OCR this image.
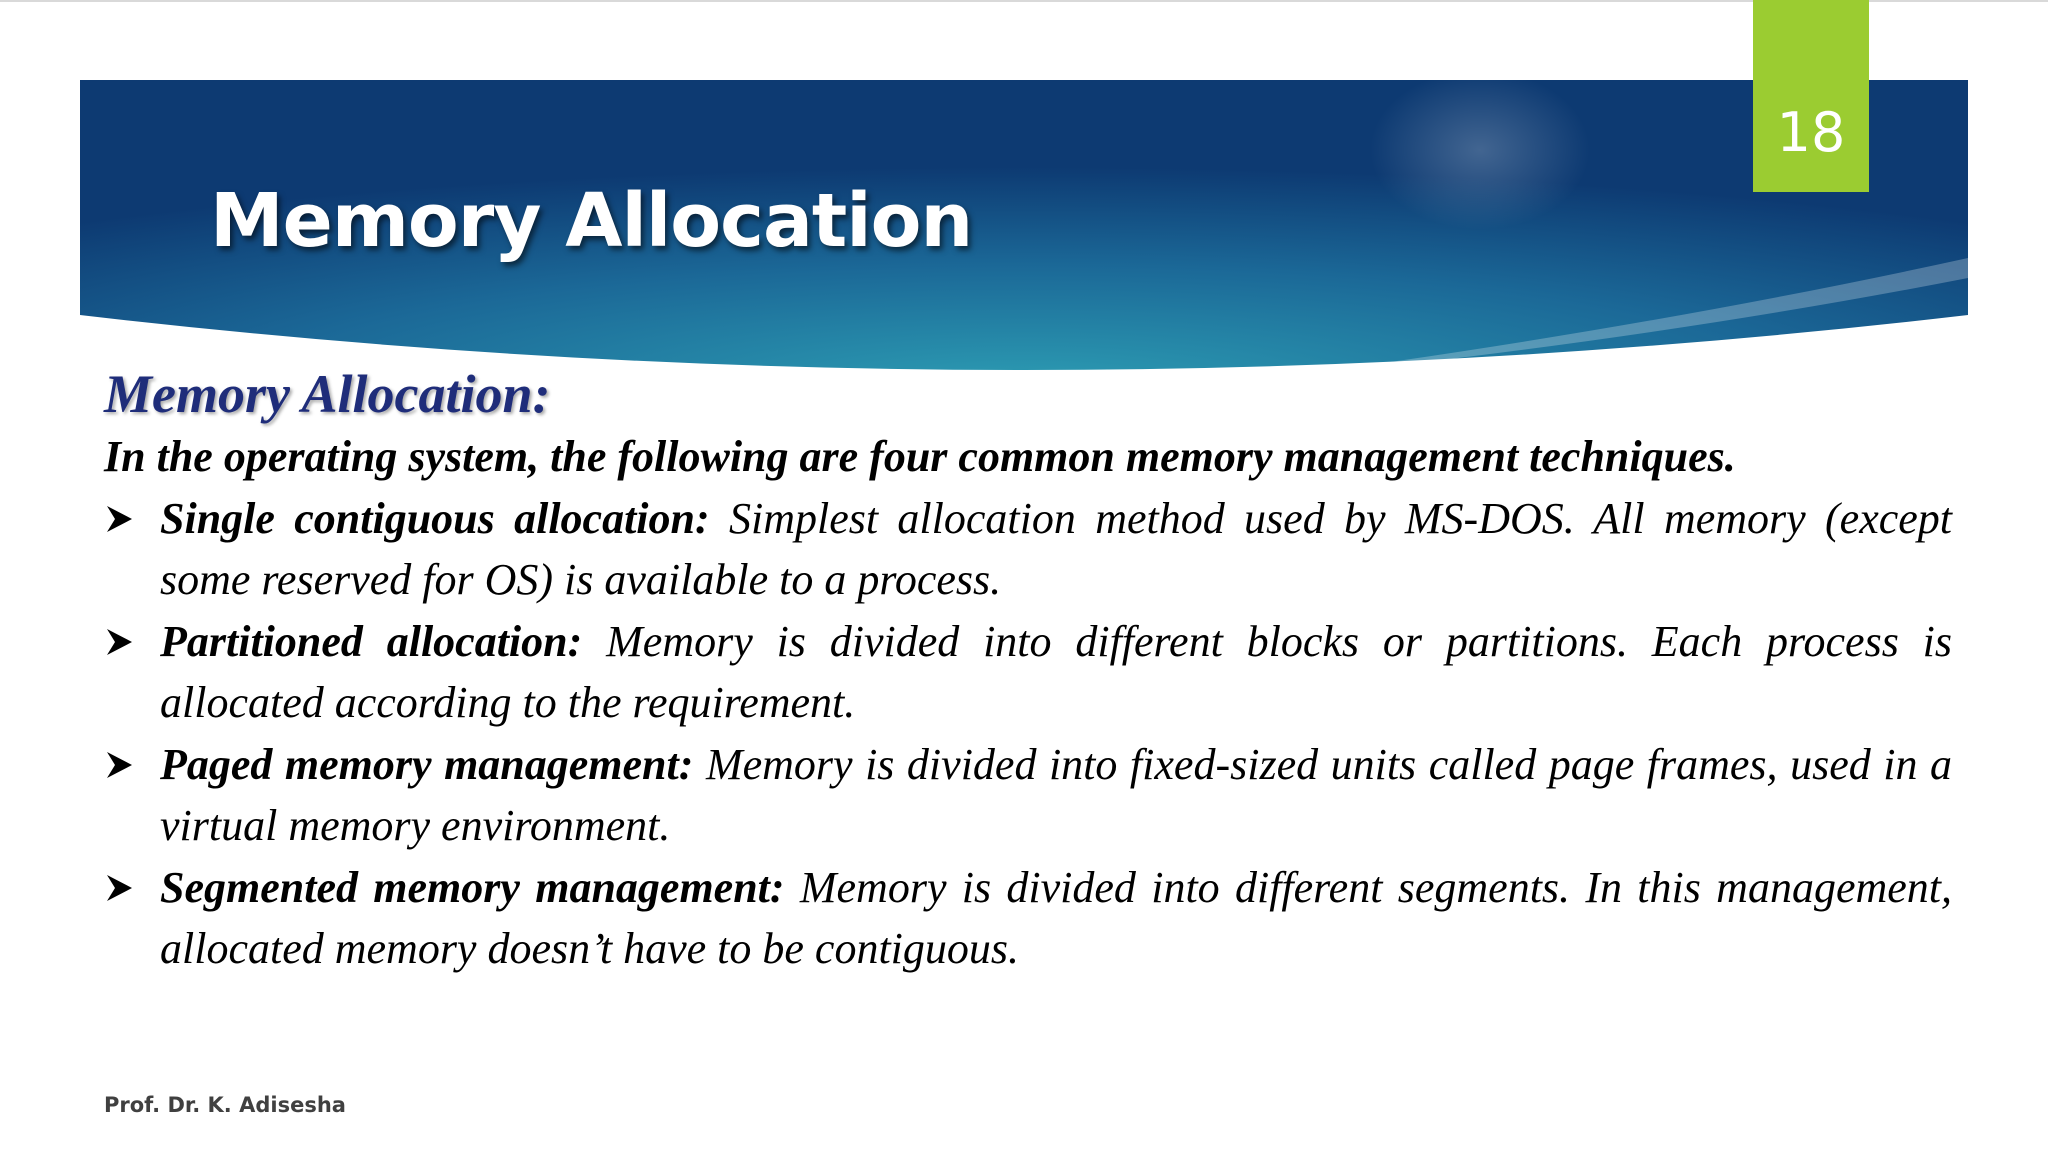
18
Memory Allocation
Memory Allocation:

In the operating system, the following are four common memory management techniques.

Single contiguous allocation: Simplest allocation method used by MS-DOS. All memory (except some reserved for OS) is available to a process.
Partitioned allocation: Memory is divided into different blocks or partitions. Each process is allocated according to the requirement.
Paged memory management: Memory is divided into fixed-sized units called page frames, used in a virtual memory environment.
Segmented memory management: Memory is divided into different segments. In this management, allocated memory doesn’t have to be contiguous.
Prof. Dr. K. Adisesha
